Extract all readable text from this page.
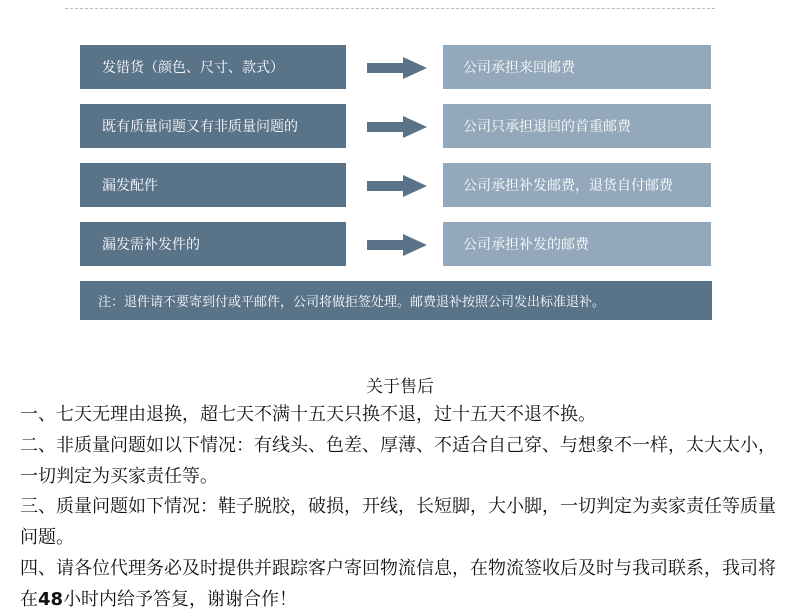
发错货（颜色、尺寸、款式）	公司承担来回邮费
既有质量问题又有非质量问题的	公司只承担退回的首重邮费
漏发配件	公司承担补发邮费，退货自付邮费
漏发需补发件的	公司承担补发的邮费
注：退件请不要寄到付或平邮件，公司将做拒签处理。邮费退补按照公司发出标准退补。
关于售后

一、七天无理由退换，超七天不满十五天只换不退，过十五天不退不换。

二、非质量问题如以下情况：有线头、色差、厚薄、不适合自己穿、与想象不一样，太大太小，一切判定为买家责任等。

三、质量问题如下情况：鞋子脱胶，破损，开线，长短脚，大小脚，一切判定为卖家责任等质量问题。

四、请各位代理务必及时提供并跟踪客户寄回物流信息，在物流签收后及时与我司联系，我司将在48小时内给予答复，谢谢合作！
